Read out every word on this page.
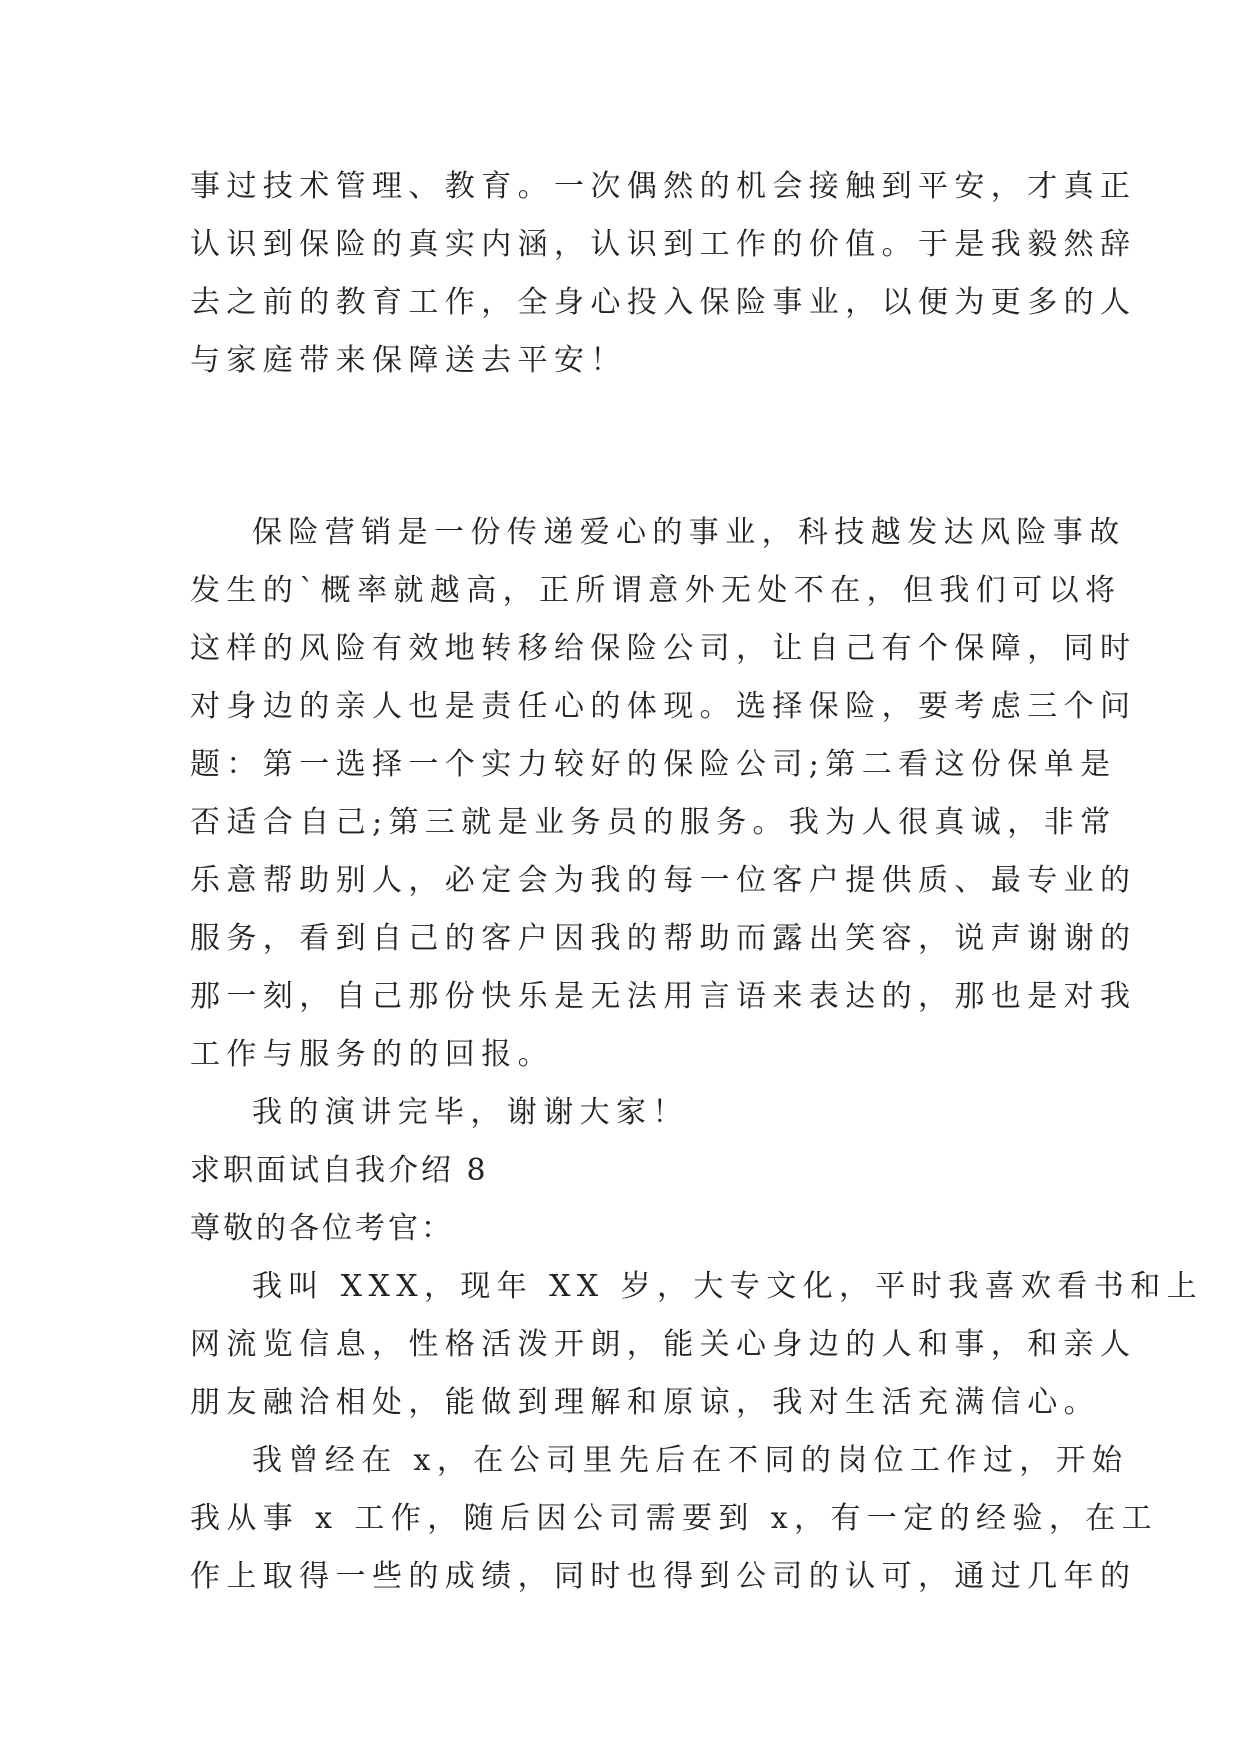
事过技术管理、教育。一次偶然的机会接触到平安，才真正
认识到保险的真实内涵，认识到工作的价值。于是我毅然辞
去之前的教育工作，全身心投入保险事业，以便为更多的人
与家庭带来保障送去平安！
保险营销是一份传递爱心的事业，科技越发达风险事故
发生的`概率就越高，正所谓意外无处不在，但我们可以将
这样的风险有效地转移给保险公司，让自己有个保障，同时
对身边的亲人也是责任心的体现。选择保险，要考虑三个问
题：第一选择一个实力较好的保险公司;第二看这份保单是
否适合自己;第三就是业务员的服务。我为人很真诚，非常
乐意帮助别人，必定会为我的每一位客户提供质、最专业的
服务，看到自己的客户因我的帮助而露出笑容，说声谢谢的
那一刻，自己那份快乐是无法用言语来表达的，那也是对我
工作与服务的的回报。
我的演讲完毕，谢谢大家！
求职面试自我介绍 8
尊敬的各位考官：
我叫 XXX，现年 XX 岁，大专文化，平时我喜欢看书和上
网流览信息，性格活泼开朗，能关心身边的人和事，和亲人
朋友融洽相处，能做到理解和原谅，我对生活充满信心。
我曾经在 x，在公司里先后在不同的岗位工作过，开始
我从事 x 工作，随后因公司需要到 x，有一定的经验，在工
作上取得一些的成绩，同时也得到公司的认可，通过几年的
